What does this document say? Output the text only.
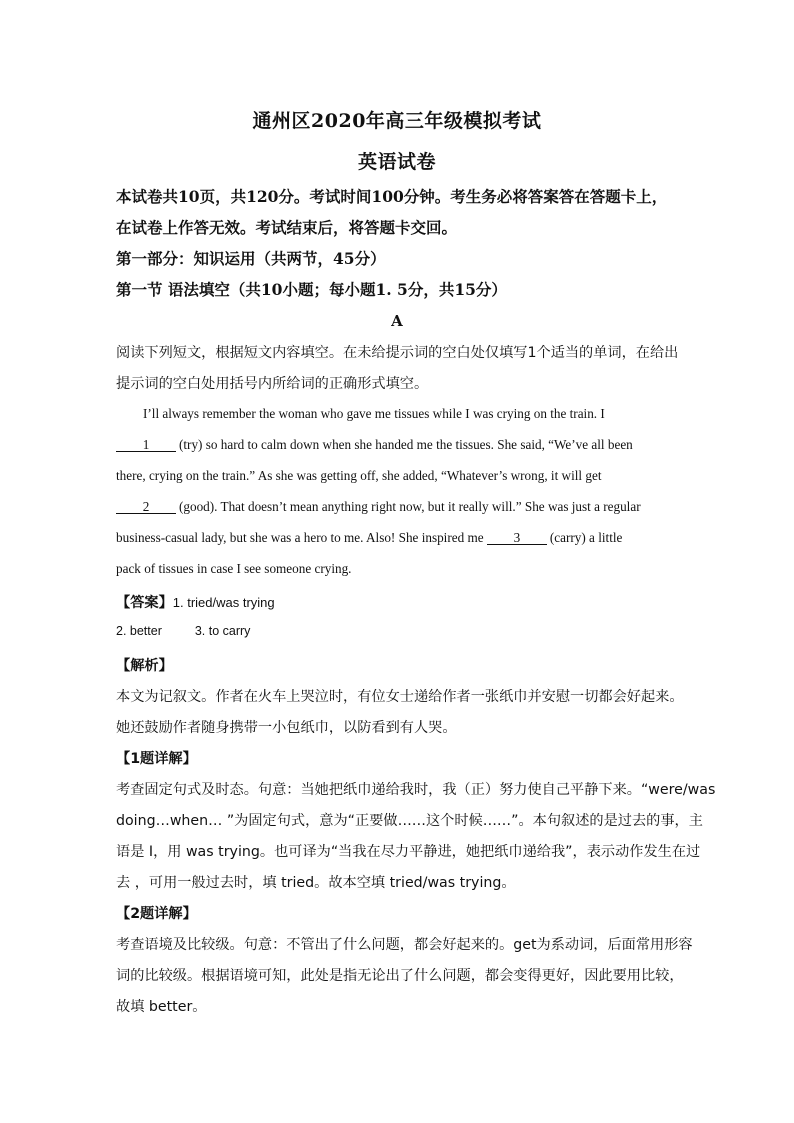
通州区2020年高三年级模拟考试
英语试卷
本试卷共10页，共120分。考试时间100分钟。考生务必将答案答在答题卡上，
在试卷上作答无效。考试结束后，将答题卡交回。
第一部分：知识运用（共两节，45分）
第一节 语法填空（共10小题；每小题1. 5分，共15分）
A
阅读下列短文，根据短文内容填空。在未给提示词的空白处仅填写1个适当的单词，在给出
提示词的空白处用括号内所给词的正确形式填空。
I’ll always remember the woman who gave me tissues while I was crying on the train. I
1 (try) so hard to calm down when she handed me the tissues. She said, “We’ve all been
there, crying on the train.” As she was getting off, she added, “Whatever’s wrong, it will get
2 (good). That doesn’t mean anything right now, but it really will.” She was just a regular
business-casual lady, but she was a hero to me. Also! She inspired me 3 (carry) a little
pack of tissues in case I see someone crying.
【答案】1. tried/was trying
2. better	3. to carry
【解析】
本文为记叙文。作者在火车上哭泣时，有位女士递给作者一张纸巾并安慰一切都会好起来。
她还鼓励作者随身携带一小包纸巾，以防看到有人哭。
【1题详解】
考查固定句式及时态。句意：当她把纸巾递给我时，我（正）努力使自己平静下来。“were/was
doing…when… ”为固定句式，意为“正要做……这个时候……”。本句叙述的是过去的事，主
语是 I，用 was trying。也可译为“当我在尽力平静进，她把纸巾递给我”，表示动作发生在过
去 ，可用一般过去时，填 tried。故本空填 tried/was trying。
【2题详解】
考查语境及比较级。句意：不管出了什么问题，都会好起来的。get为系动词，后面常用形容
词的比较级。根据语境可知，此处是指无论出了什么问题，都会变得更好，因此要用比较，
故填 better。
